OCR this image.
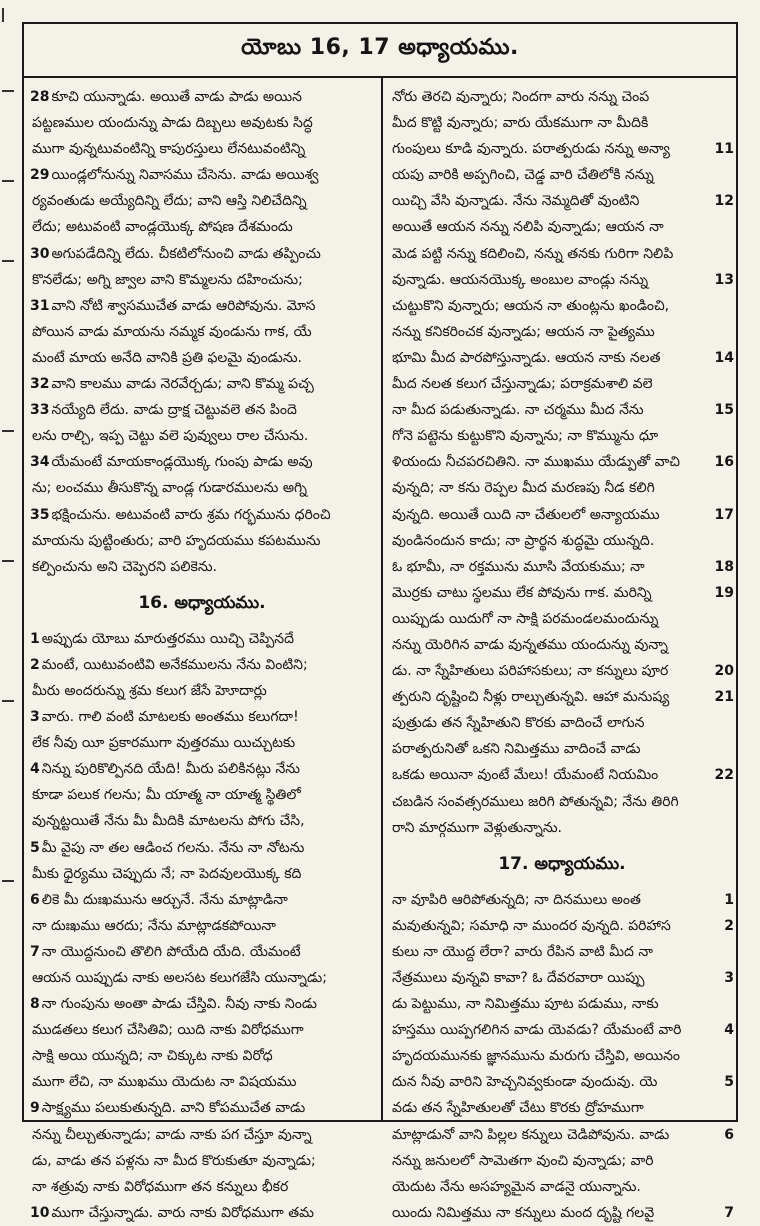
యోబు 16, 17 అధ్యాయము.
28 కూచి యున్నాడు. అయితే వాడు పాడు అయిన
పట్టణముల యందున్ను పాడు దిబ్బలు అవుటకు సిద్ధ
ముగా వున్నటువంటిన్ని కాపురస్తులు లేనటువంటిన్ని
29 యిండ్లలోనున్ను నివాసము చేసెను. వాడు అయిశ్వ
ర్యవంతుడు అయ్యేదిన్ని లేదు; వాని ఆస్తి నిలిచేదిన్ని
లేదు; అటువంటి వాండ్లయొక్క పోషణ దేశమందు
30 అగుపడేదిన్ని లేదు. చీకటిలోనుంచి వాడు తప్పించు
కొనలేడు; అగ్ని జ్వాల వాని కొమ్మలను దహించును;
31 వాని నోటి శ్వాసముచేత వాడు ఆరిపోవును. మోస
పోయిన వాడు మాయను నమ్మక వుండును గాక, యే
మంటే మాయ అనేది వానికి ప్రతి ఫలమై వుండును.
32 వాని కాలము వాడు నెరవేర్చడు; వాని కొమ్మ పచ్చ
33 నయ్యేది లేదు. వాడు ద్రాక్ష చెట్టువలె తన పిందె
లను రాల్చి, ఇప్ప చెట్టు వలె పువ్వులు రాల చేసును.
34 యేమంటే మాయకాండ్లయొక్క గుంపు పాడు అవు
ను; లంచము తీసుకొన్న వాండ్ల గుడారములను అగ్ని
35 భక్షించును. అటువంటి వారు శ్రమ గర్భమును ధరించి
మాయను పుట్టింతురు; వారి హృదయము కపటమును
కల్పించును అని చెప్పెరని పలికెను.
16. అధ్యాయము.
1 అప్పుడు యోబు మారుత్తరము యిచ్చి చెప్పినదే
2 మంటే, యిటువంటివి అనేకములను నేను వింటిని;
మీరు అందరున్ను శ్రమ కలుగ జేసే హెూదార్లు
3 వారు. గాలి వంటి మాటలకు అంతము కలుగదా!
లేక నీవు యీ ప్రకారముగా వుత్తరము యిచ్చుటకు
4 నిన్ను పురికొల్పినది యేది! మీరు పలికినట్లు నేను
కూడా పలుక గలను; మీ యాత్మ నా యాత్మ స్థితిలో
వున్నట్టయితే నేను మీ మీదికి మాటలను పోగు చేసి,
5 మీ వైపు నా తల ఆడించ గలను. నేను నా నోటను
మీకు ధైర్యము చెప్పుదు నే; నా పెదవులయొక్క కది
6 లికె మీ దుఃఖమును ఆర్చునే. నేను మాట్లాడినా
నా దుఃఖము ఆరదు; నేను మాట్లాడకపోయినా
7 నా యొద్దనుంచి తొలిగి పోయేది యేది. యేమంటే
ఆయన యిప్పుడు నాకు అలసట కలుగజేసి యున్నాడు;
8 నా గుంపును అంతా పాడు చేస్తివి. నీవు నాకు నిండు
ముడతలు కలుగ చేసితివి; యిది నాకు విరోధముగా
సాక్షి అయి యున్నది; నా చిక్కుట నాకు విరోధ
ముగా లేచి, నా ముఖము యెదుట నా విషయము
9 సాక్ష్యము పలుకుతున్నది. వాని కోపముచేత వాడు
నన్ను చీల్చుతున్నాడు; వాడు నాకు పగ చేస్తూ వున్నా
డు, వాడు తన పళ్లను నా మీద కొరుకుతూ వున్నాడు;
నా శత్రువు నాకు విరోధముగా తన కన్నులు భీకర
10 ముగా చేస్తున్నాడు. వారు నాకు విరోధముగా తమ
నోరు తెరచి వున్నారు; నిందగా వారు నన్ను చెంప
మీద కొట్టి వున్నారు; వారు యేకముగా నా మీదికి
గుంపులు కూడి వున్నారు. పరాత్పరుడు నన్ను అన్యా	11
యపు వారికి అప్పగించి, చెడ్డ వారి చేతిలోకి నన్ను
యిచ్చి వేసి వున్నాడు. నేను నెమ్మదితో వుంటిని	12
అయితే ఆయన నన్ను నలిపి వున్నాడు; ఆయన నా
మెడ పట్టి నన్ను కదిలించి, నన్ను తనకు గురిగా నిలిపి
వున్నాడు. ఆయనయొక్క అంబుల వాండ్లు నన్ను	13
చుట్టుకొని వున్నారు; ఆయన నా తుంట్లను ఖండించి,
నన్ను కనికరించక వున్నాడు; ఆయన నా పైత్యము
భూమి మీద పారపోస్తున్నాడు. ఆయన నాకు నలత	14
మీద నలత కలుగ చేస్తున్నాడు; పరాక్రమశాలి వలె
నా మీద పడుతున్నాడు. నా చర్మము మీద నేను	15
గోనె పట్టెను కుట్టుకొని వున్నాను; నా కొమ్మును ధూ
ళియందు నీచపరచితిని. నా ముఖము యేడ్పుతో వాచి	16
వున్నది; నా కను రెప్పల మీద మరణపు నీడ కలిగి
వున్నది. అయితే యిది నా చేతులలో అన్యాయము	17
వుండినందున కాదు; నా ప్రార్థన శుద్ధమై యున్నది.
ఓ భూమీ, నా రక్తమును మూసి వేయకుము; నా	18
మొర్రకు చాటు స్థలము లేక పోవును గాక. మరిన్ని	19
యిప్పుడు యిదుగో నా సాక్షి పరమండలమందున్ను
నన్ను యెరిగిన వాడు వున్నతము యందున్ను వున్నా
డు. నా స్నేహితులు పరిహాసకులు; నా కన్నులు పూర	20
త్పరుని దృష్టించి నీళ్లు రాల్చుతున్నవి. ఆహా మనుష్య	21
పుత్రుడు తన స్నేహితుని కొరకు వాదించే లాగున
పరాత్పరునితో ఒకని నిమిత్తము వాదించే వాడు
ఒకడు అయినా వుంటే మేలు! యేమంటే నియమిం	22
చబడిన సంవత్సరములు జరిగి పోతున్నవి; నేను తిరిగి
రాని మార్గముగా వెళ్లుతున్నాను.
17. అధ్యాయము.
నా వూపిరి ఆరిపోతున్నది; నా దినములు అంత	1
మవుతున్నవి; సమాధి నా ముందర వున్నది. పరిహాస	2
కులు నా యొద్ద లేరా? వారు రేపిన వాటి మీద నా
నేత్రములు వున్నవి కావా? ఓ దేవరవారా యిప్పు	3
డు పెట్టుము, నా నిమిత్తము పూట పడుము, నాకు
హస్తము యిప్పగలిగిన వాడు యెవడు? యేమంటే వారి	4
హృదయమునకు జ్ఞానమును మరుగు చేస్తివి, అయినం
దున నీవు వారిని హెచ్చనివ్వకుండా వుందువు. యె	5
వడు తన స్నేహితులతో చేటు కొరకు ద్రోహముగా
మాట్లాడునో వాని పిల్లల కన్నులు చెడిపోవును. వాడు	6
నన్ను జనులలో సామెతగా వుంచి వున్నాడు; వారి
యెదుట నేను అసహ్యమైన వాడనై యున్నాను.
యిందు నిమిత్తము నా కన్నులు మంద దృష్టి గలవై	7
